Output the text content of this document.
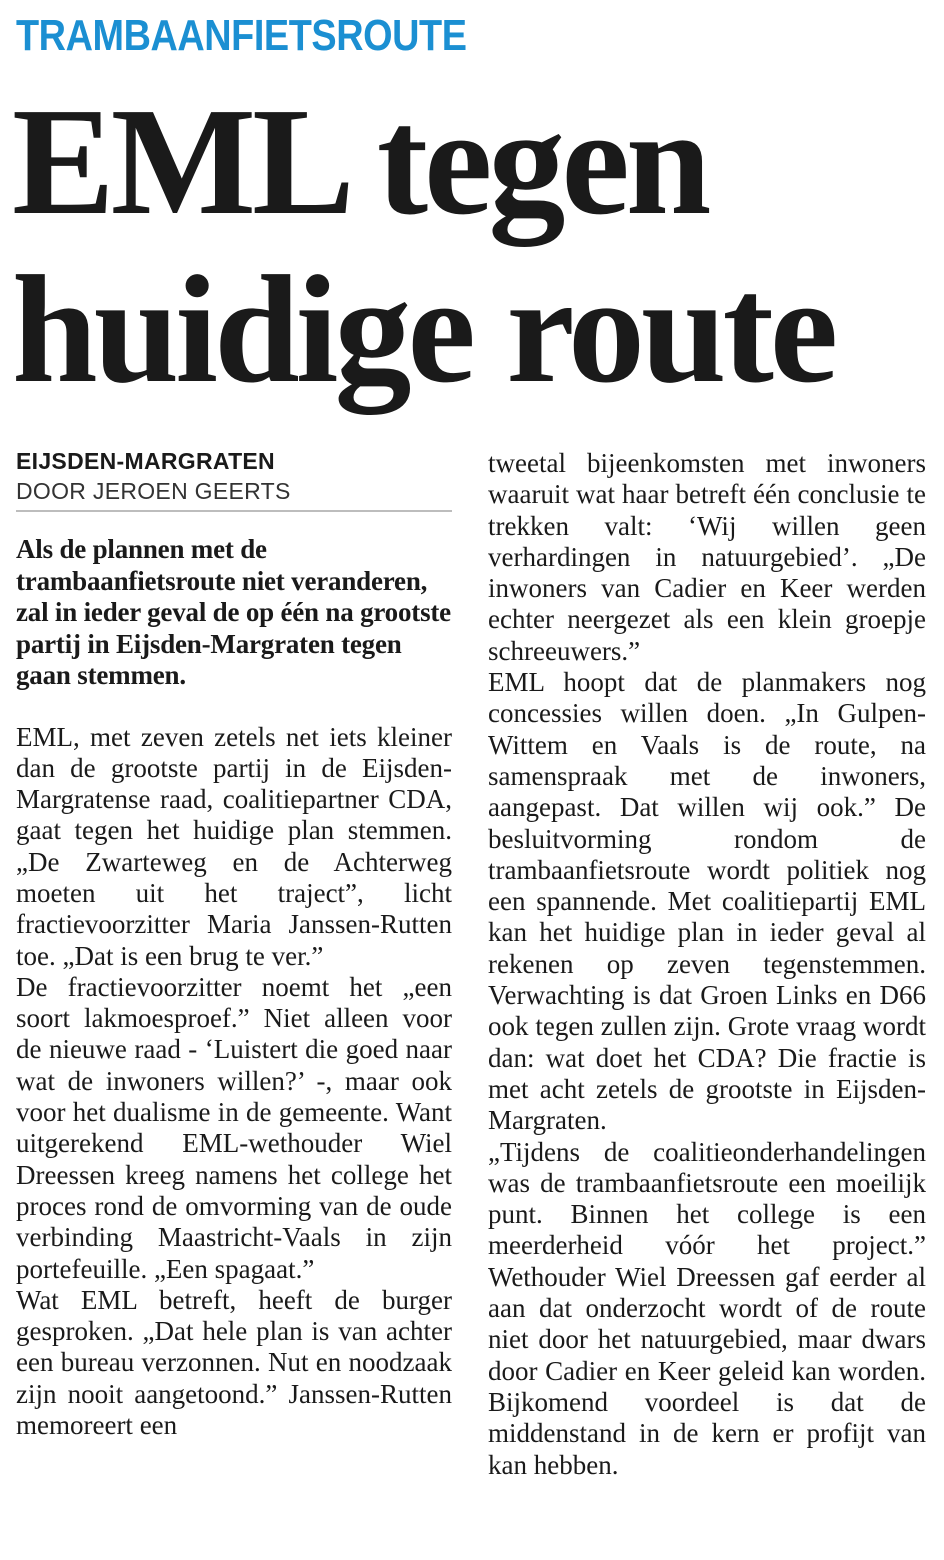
TRAMBAANFIETSROUTE
EML tegen
huidige route

EIJSDEN-MARGRATEN

DOOR JEROEN GEERTS

Als de plannen met de trambaanfietsroute niet veranderen, zal in ieder geval de op één na grootste partij in Eijsden-Margraten tegen gaan stemmen.

EML, met zeven zetels net iets kleiner dan de grootste partij in de Eijsden-Margratense raad, coalitiepartner CDA, gaat tegen het huidige plan stemmen. „De Zwarteweg en de Achterweg moeten uit het traject”, licht fractievoorzitter Maria Janssen-Rutten toe. „Dat is een brug te ver.”

De fractievoorzitter noemt het „een soort lakmoesproef.” Niet alleen voor de nieuwe raad - ‘Luistert die goed naar wat de inwoners willen?’ -, maar ook voor het dualisme in de gemeente. Want uitgerekend EML-wethouder Wiel Dreessen kreeg namens het college het proces rond de omvorming van de oude verbinding Maastricht-Vaals in zijn portefeuille. „Een spagaat.”

Wat EML betreft, heeft de burger gesproken. „Dat hele plan is van achter een bureau verzonnen. Nut en noodzaak zijn nooit aangetoond.” Janssen-Rutten memoreert een

tweetal bijeenkomsten met inwoners waaruit wat haar betreft één conclusie te trekken valt: ‘Wij willen geen verhardingen in natuurgebied’. „De inwoners van Cadier en Keer werden echter neergezet als een klein groepje schreeuwers.”

EML hoopt dat de planmakers nog concessies willen doen. „In Gulpen-Wittem en Vaals is de route, na samenspraak met de inwoners, aangepast. Dat willen wij ook.” De besluitvorming rondom de trambaanfietsroute wordt politiek nog een spannende. Met coalitiepartij EML kan het huidige plan in ieder geval al rekenen op zeven tegenstemmen. Verwachting is dat Groen Links en D66 ook tegen zullen zijn. Grote vraag wordt dan: wat doet het CDA? Die fractie is met acht zetels de grootste in Eijsden-Margraten.

„Tijdens de coalitieonderhandelingen was de trambaanfietsroute een moeilijk punt. Binnen het college is een meerderheid vóór het project.” Wethouder Wiel Dreessen gaf eerder al aan dat onderzocht wordt of de route niet door het natuurgebied, maar dwars door Cadier en Keer geleid kan worden. Bijkomend voordeel is dat de middenstand in de kern er profijt van kan hebben.
